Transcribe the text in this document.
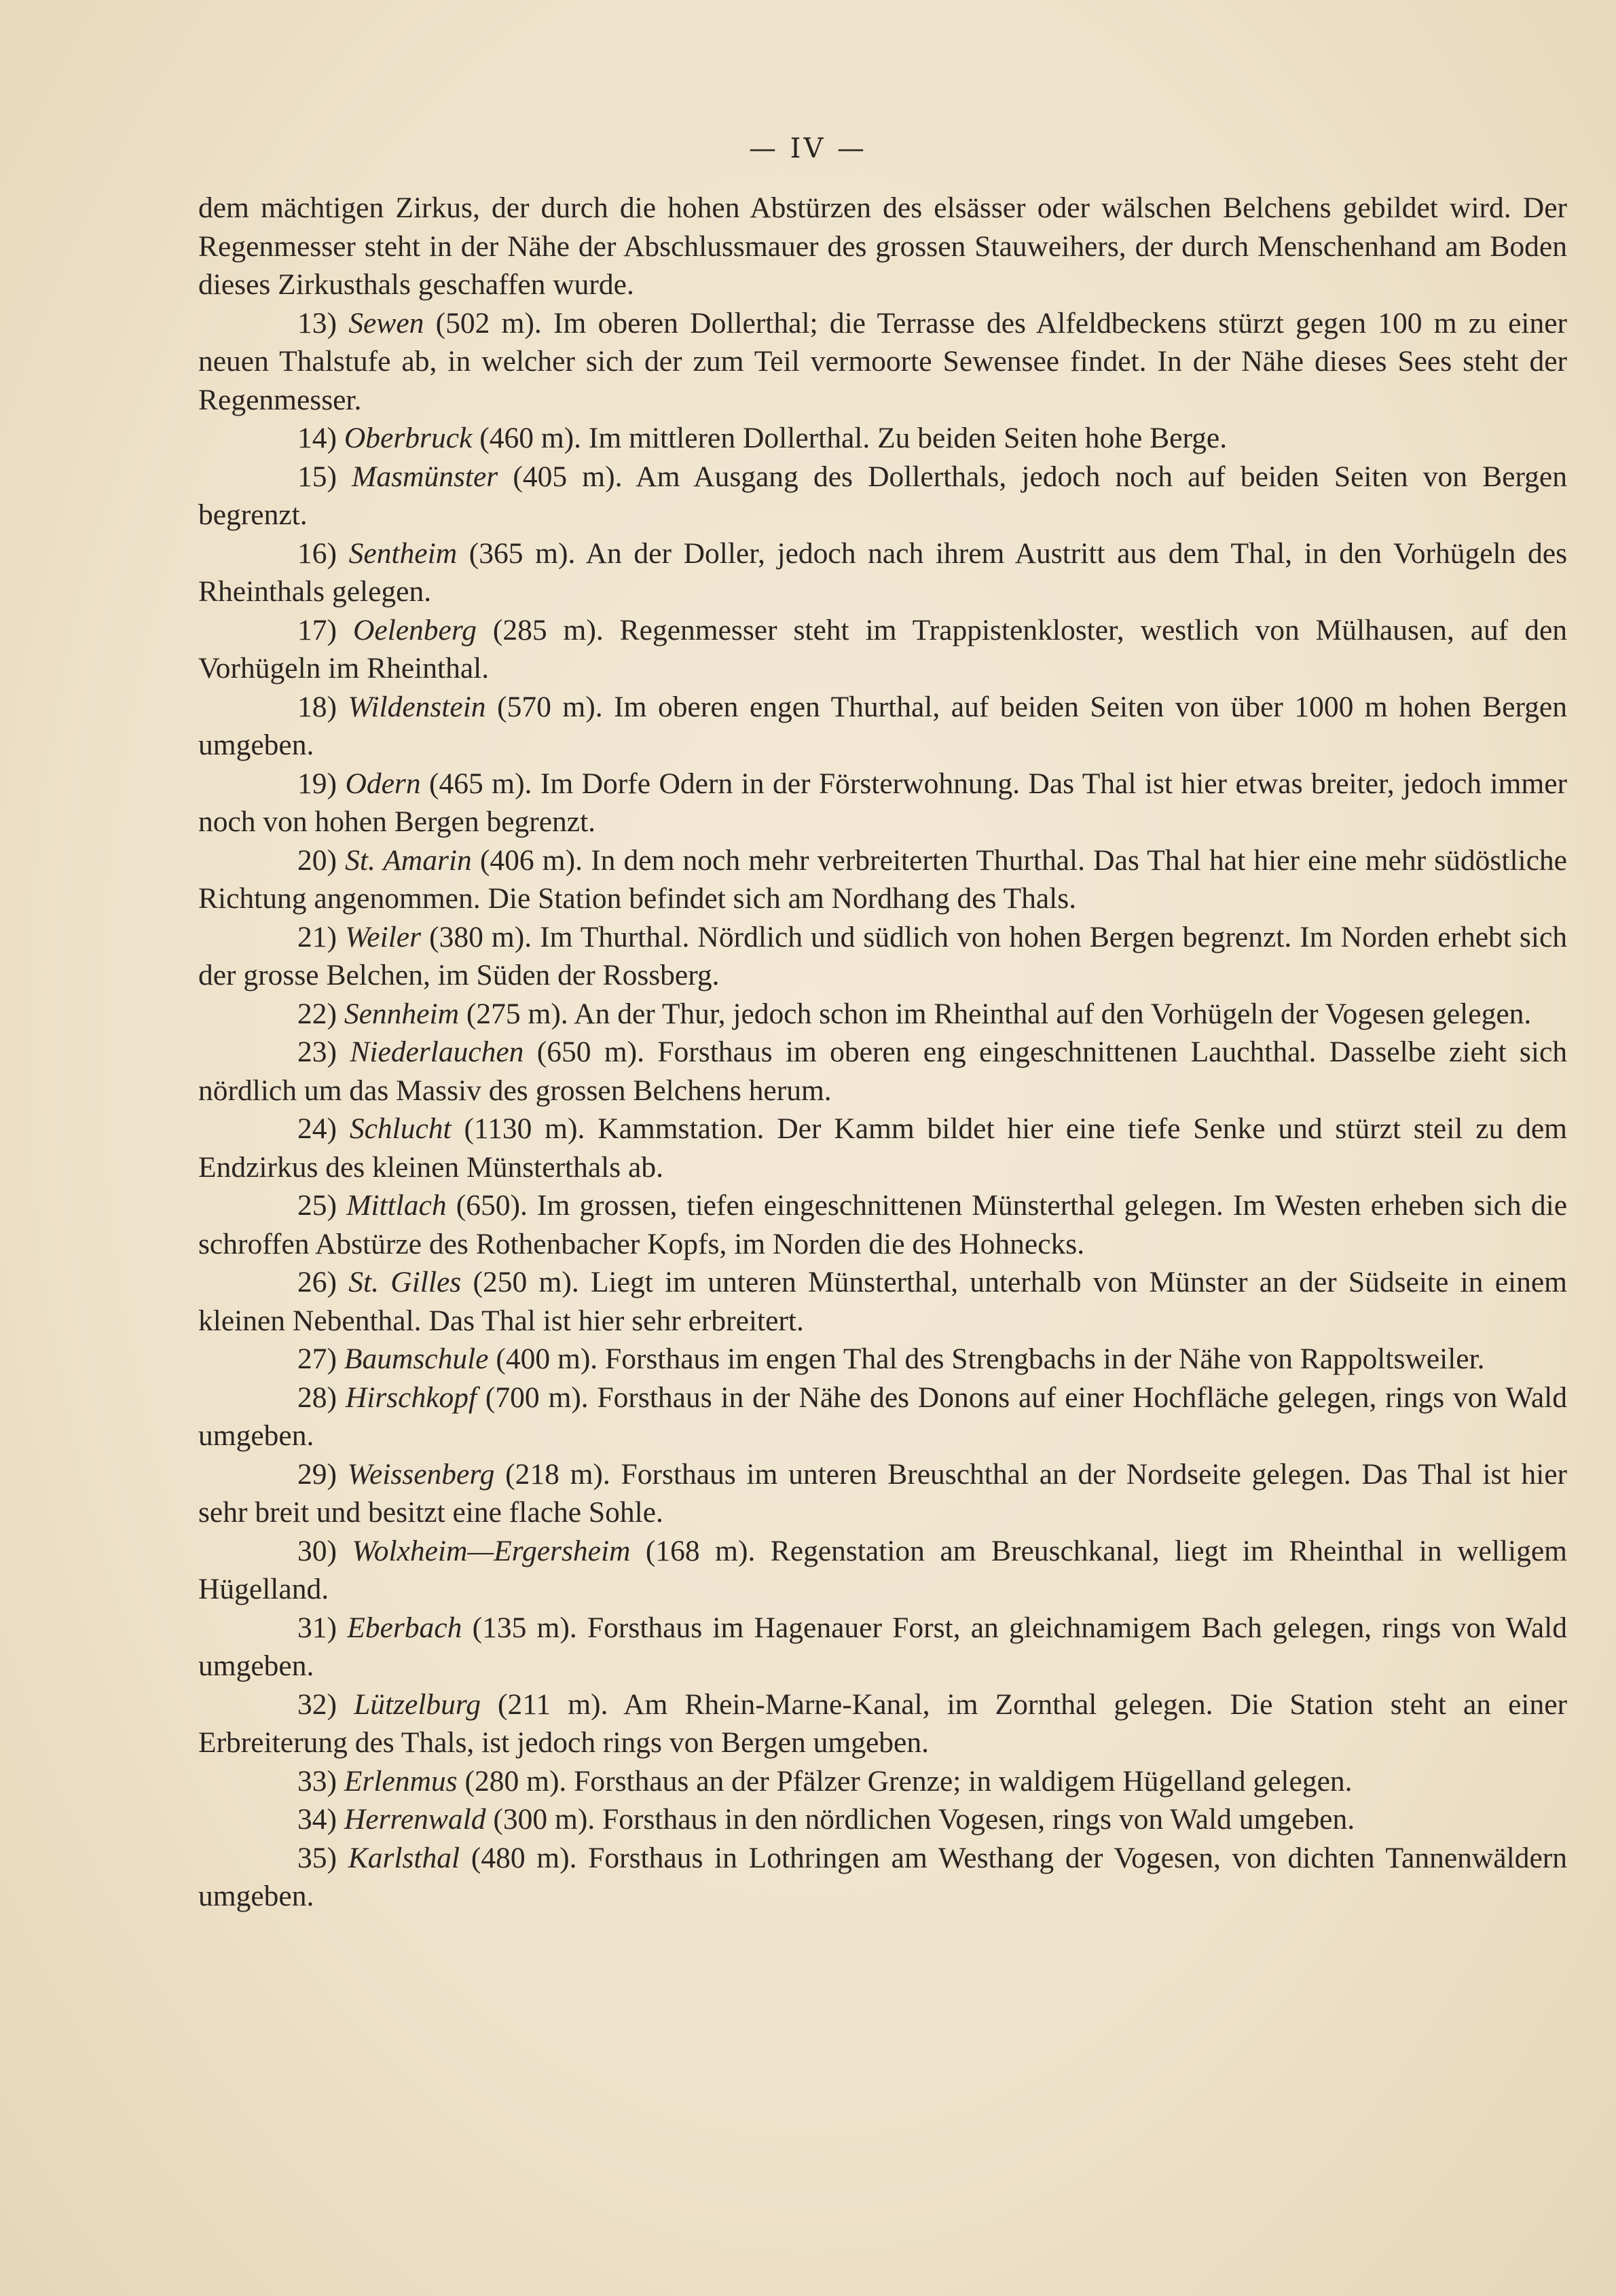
— IV —

dem mächtigen Zirkus, der durch die hohen Abstürzen des elsässer oder wälschen Belchens gebildet wird. Der Regenmesser steht in der Nähe der Abschlussmauer des grossen Stauweihers, der durch Menschenhand am Boden dieses Zirkusthals geschaffen wurde.

13) Sewen (502 m). Im oberen Dollerthal; die Terrasse des Alfeldbeckens stürzt gegen 100 m zu einer neuen Thalstufe ab, in welcher sich der zum Teil vermoorte Sewensee findet. In der Nähe dieses Sees steht der Regenmesser.

14) Oberbruck (460 m). Im mittleren Dollerthal. Zu beiden Seiten hohe Berge.

15) Masmünster (405 m). Am Ausgang des Dollerthals, jedoch noch auf beiden Seiten von Bergen begrenzt.

16) Sentheim (365 m). An der Doller, jedoch nach ihrem Austritt aus dem Thal, in den Vorhügeln des Rheinthals gelegen.

17) Oelenberg (285 m). Regenmesser steht im Trappistenkloster, westlich von Mülhausen, auf den Vorhügeln im Rheinthal.

18) Wildenstein (570 m). Im oberen engen Thurthal, auf beiden Seiten von über 1000 m hohen Bergen umgeben.

19) Odern (465 m). Im Dorfe Odern in der Försterwohnung. Das Thal ist hier etwas breiter, jedoch immer noch von hohen Bergen begrenzt.

20) St. Amarin (406 m). In dem noch mehr verbreiterten Thurthal. Das Thal hat hier eine mehr südöstliche Richtung angenommen. Die Station befindet sich am Nordhang des Thals.

21) Weiler (380 m). Im Thurthal. Nördlich und südlich von hohen Bergen begrenzt. Im Norden erhebt sich der grosse Belchen, im Süden der Rossberg.

22) Sennheim (275 m). An der Thur, jedoch schon im Rheinthal auf den Vorhügeln der Vogesen gelegen.

23) Niederlauchen (650 m). Forsthaus im oberen eng eingeschnittenen Lauchthal. Dasselbe zieht sich nördlich um das Massiv des grossen Belchens herum.

24) Schlucht (1130 m). Kammstation. Der Kamm bildet hier eine tiefe Senke und stürzt steil zu dem Endzirkus des kleinen Münsterthals ab.

25) Mittlach (650). Im grossen, tiefen eingeschnittenen Münsterthal gelegen. Im Westen erheben sich die schroffen Abstürze des Rothenbacher Kopfs, im Norden die des Hohnecks.

26) St. Gilles (250 m). Liegt im unteren Münsterthal, unterhalb von Münster an der Südseite in einem kleinen Nebenthal. Das Thal ist hier sehr erbreitert.

27) Baumschule (400 m). Forsthaus im engen Thal des Strengbachs in der Nähe von Rappoltsweiler.

28) Hirschkopf (700 m). Forsthaus in der Nähe des Donons auf einer Hochfläche gelegen, rings von Wald umgeben.

29) Weissenberg (218 m). Forsthaus im unteren Breuschthal an der Nordseite gelegen. Das Thal ist hier sehr breit und besitzt eine flache Sohle.

30) Wolxheim—Ergersheim (168 m). Regenstation am Breuschkanal, liegt im Rheinthal in welligem Hügelland.

31) Eberbach (135 m). Forsthaus im Hagenauer Forst, an gleichnamigem Bach gelegen, rings von Wald umgeben.

32) Lützelburg (211 m). Am Rhein-Marne-Kanal, im Zornthal gelegen. Die Station steht an einer Erbreiterung des Thals, ist jedoch rings von Bergen umgeben.

33) Erlenmus (280 m). Forsthaus an der Pfälzer Grenze; in waldigem Hügelland gelegen.

34) Herrenwald (300 m). Forsthaus in den nördlichen Vogesen, rings von Wald umgeben.

35) Karlsthal (480 m). Forsthaus in Lothringen am Westhang der Vogesen, von dichten Tannenwäldern umgeben.
